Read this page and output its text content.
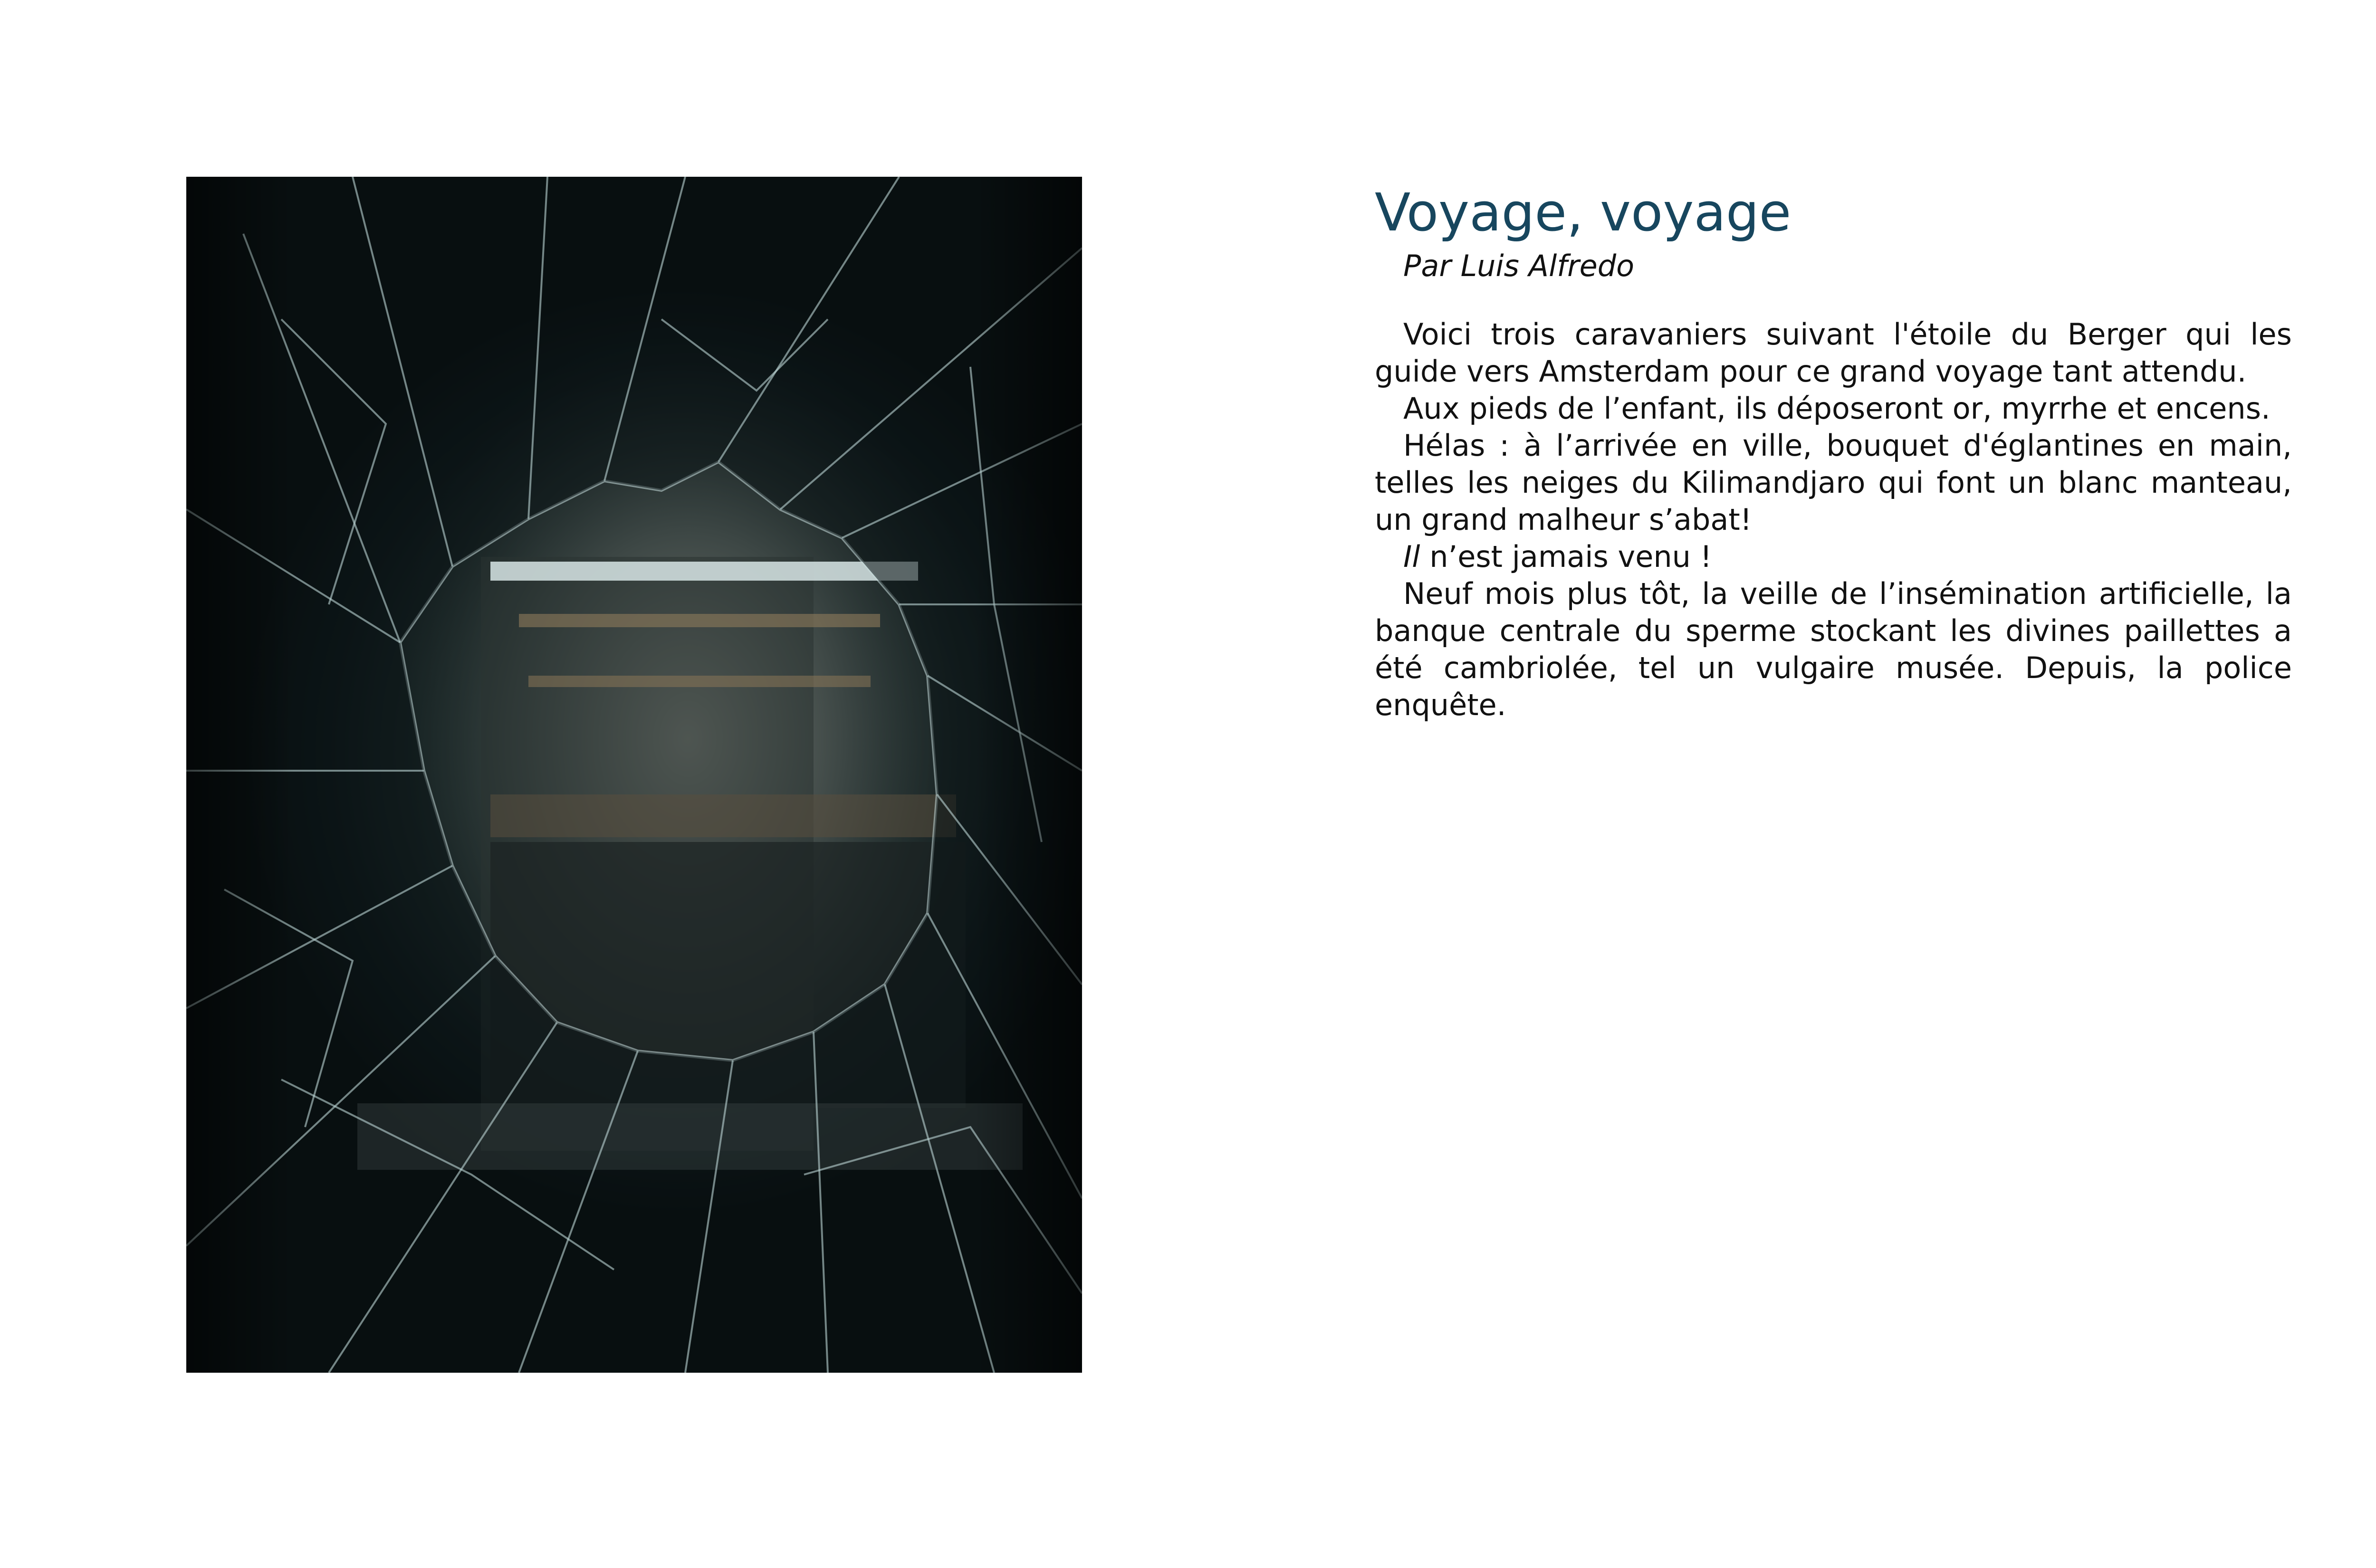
Voyage, voyage

Par Luis Alfredo

Voici trois caravaniers suivant l'étoile du Berger qui les guide vers Amsterdam pour ce grand voyage tant attendu.

Aux pieds de l’enfant, ils déposeront or, myrrhe et encens.

Hélas : à l’arrivée en ville, bouquet d'églantines en main, telles les neiges du Kilimandjaro qui font un blanc manteau, un grand malheur s’abat!

Il n’est jamais venu !

Neuf mois plus tôt, la veille de l’insémination artificielle, la banque centrale du sperme stockant les divines paillettes a été cambriolée, tel un vulgaire musée. Depuis, la police enquête.
